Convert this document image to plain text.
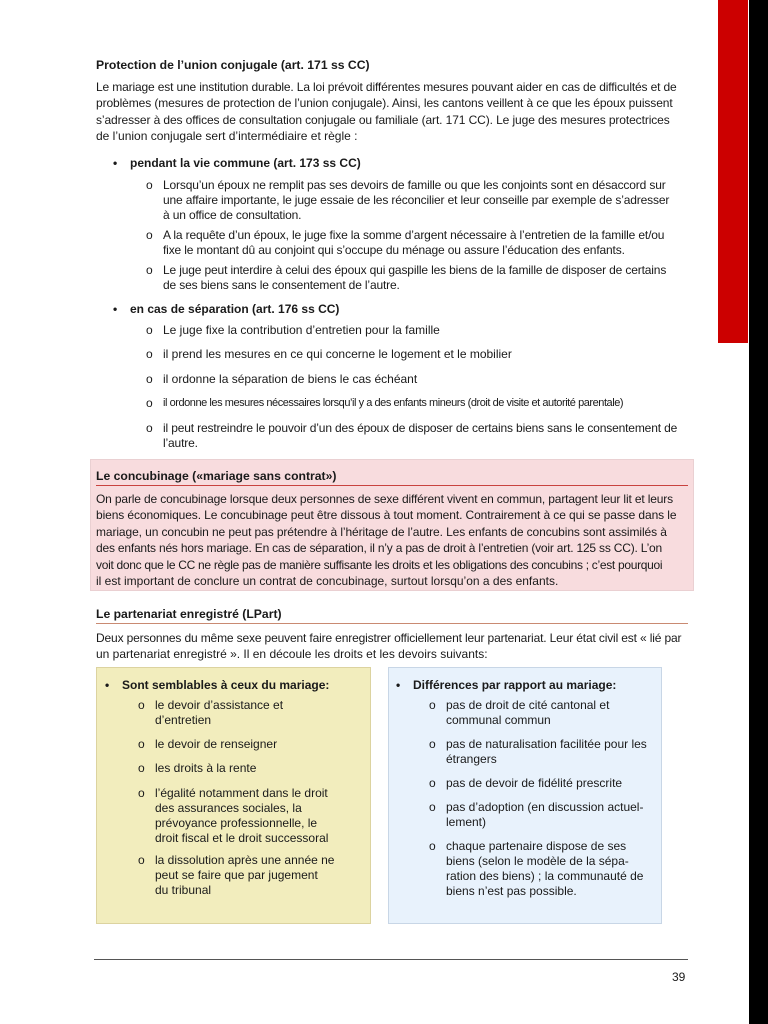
Protection de l’union conjugale (art. 171 ss CC)
Le mariage est une institution durable. La loi prévoit différentes mesures pouvant aider en cas de difficultés et de
problèmes (mesures de protection de l’union conjugale). Ainsi, les cantons veillent à ce que les époux puissent
s’adresser à des offices de consultation conjugale ou familiale (art. 171 CC). Le juge des mesures protectrices
de l’union conjugale sert d’intermédiaire et règle :
• pendant la vie commune (art. 173 ss CC)
o Lorsqu’un époux ne remplit pas ses devoirs de famille ou que les conjoints sont en désaccord sur
une affaire importante, le juge essaie de les réconcilier et leur conseille par exemple de s’adresser
à un office de consultation.
o A la requête d’un époux, le juge fixe la somme d’argent nécessaire à l’entretien de la famille et/ou
fixe le montant dû au conjoint qui s’occupe du ménage ou assure l’éducation des enfants.
o Le juge peut interdire à celui des époux qui gaspille les biens de la famille de disposer de certains
de ses biens sans le consentement de l’autre.
• en cas de séparation (art. 176 ss CC)
o Le juge fixe la contribution d’entretien pour la famille
o il prend les mesures en ce qui concerne le logement et le mobilier
o il ordonne la séparation de biens le cas échéant
o il ordonne les mesures nécessaires lorsqu’il y a des enfants mineurs (droit de visite et autorité parentale)
o il peut restreindre le pouvoir d’un des époux de disposer de certains biens sans le consentement de
l’autre.
Le concubinage («mariage sans contrat»)
On parle de concubinage lorsque deux personnes de sexe différent vivent en commun, partagent leur lit et leurs
biens économiques. Le concubinage peut être dissous à tout moment. Contrairement à ce qui se passe dans le
mariage, un concubin ne peut pas prétendre à l’héritage de l’autre. Les enfants de concubins sont assimilés à
des enfants nés hors mariage. En cas de séparation, il n’y a pas de droit à l’entretien (voir art. 125 ss CC). L’on
voit donc que le CC ne règle pas de manière suffisante les droits et les obligations des concubins ; c’est pourquoi
il est important de conclure un contrat de concubinage, surtout lorsqu’on a des enfants.
Le partenariat enregistré (LPart)
Deux personnes du même sexe peuvent faire enregistrer officiellement leur partenariat. Leur état civil est « lié par
un partenariat enregistré ». Il en découle les droits et les devoirs suivants:
• Sont semblables à ceux du mariage:
o le devoir d’assistance et
d’entretien
o le devoir de renseigner
o les droits à la rente
o l’égalité notamment dans le droit
des assurances sociales, la
prévoyance professionnelle, le
droit fiscal et le droit successoral
o la dissolution après une année ne
peut se faire que par jugement
du tribunal
• Différences par rapport au mariage:
o pas de droit de cité cantonal et
communal commun
o pas de naturalisation facilitée pour les
étrangers
o pas de devoir de fidélité prescrite
o pas d’adoption (en discussion actuel-
lement)
o chaque partenaire dispose de ses
biens (selon le modèle de la sépa-
ration des biens) ; la communauté de
biens n’est pas possible.
39
